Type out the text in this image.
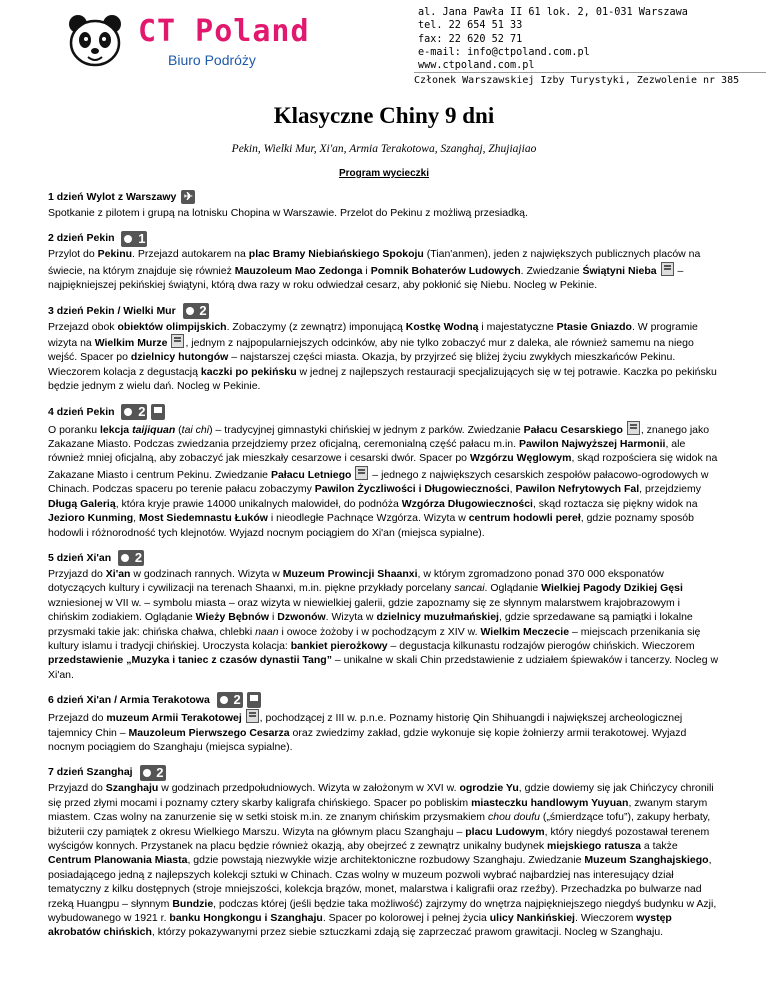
CT Poland
Biuro Podróży
al. Jana Pawła II 61 lok. 2, 01-031 Warszawa
tel. 22 654 51 33
fax: 22 620 52 71
e-mail: info@ctpoland.com.pl
www.ctpoland.com.pl
Członek Warszawskiej Izby Turystyki, Zezwolenie nr 385
Klasyczne Chiny 9 dni
Pekin, Wielki Mur, Xi'an, Armia Terakotowa, Szanghaj, Zhujiajiao
Program wycieczki
1 dzień Wylot z Warszawy ✈
Spotkanie z pilotem i grupą na lotnisku Chopina w Warszawie. Przelot do Pekinu z możliwą przesiadką.
2 dzień Pekin 1
Przylot do Pekinu. Przejazd autokarem na plac Bramy Niebiańskiego Spokoju (Tian'anmen), jeden z największych publicznych placów na świecie, na którym znajduje się również Mauzoleum Mao Zedonga i Pomnik Bohaterów Ludowych. Zwiedzanie Świątyni Nieba  – najpiękniejszej pekińskiej świątyni, którą dwa razy w roku odwiedzał cesarz, aby pokłonić się Niebu. Nocleg w Pekinie.
3 dzień Pekin / Wielki Mur 2
Przejazd obok obiektów olimpijskich. Zobaczymy (z zewnątrz) imponującą Kostkę Wodną i majestatyczne Ptasie Gniazdo. W programie wizyta na Wielkim Murze , jednym z najpopularniejszych odcinków, aby nie tylko zobaczyć mur z daleka, ale również samemu na niego wejść. Spacer po dzielnicy hutongów – najstarszej części miasta. Okazja, by przyjrzeć się bliżej życiu zwykłych mieszkańców Pekinu. Wieczorem kolacja z degustacją kaczki po pekińsku w jednej z najlepszych restauracji specjalizujących się w tej potrawie. Kaczka po pekińsku będzie jednym z wielu dań. Nocleg w Pekinie.
4 dzień Pekin 2
O poranku lekcja taijiquan (tai chi) – tradycyjnej gimnastyki chińskiej w jednym z parków. Zwiedzanie Pałacu Cesarskiego , znanego jako Zakazane Miasto. Podczas zwiedzania przejdziemy przez oficjalną, ceremonialną część pałacu m.in. Pawilon Najwyższej Harmonii, ale również mniej oficjalną, aby zobaczyć jak mieszkały cesarzowe i cesarski dwór. Spacer po Wzgórzu Węglowym, skąd rozpościera się widok na Zakazane Miasto i centrum Pekinu. Zwiedzanie Pałacu Letniego  – jednego z największych cesarskich zespołów pałacowo-ogrodowych w Chinach. Podczas spaceru po terenie pałacu zobaczymy Pawilon Życzliwości i Długowieczności, Pawilon Nefrytowych Fal, przejdziemy Długą Galerią, która kryje prawie 14000 unikalnych malowideł, do podnóża Wzgórza Długowieczności, skąd roztacza się piękny widok na Jezioro Kunming, Most Siedemnastu Łuków i nieodległe Pachnące Wzgórza. Wizyta w centrum hodowli pereł, gdzie poznamy sposób hodowli i różnorodność tych klejnotów. Wyjazd nocnym pociągiem do Xi'an (miejsca sypialne).
5 dzień Xi'an 2
Przyjazd do Xi'an w godzinach rannych. Wizyta w Muzeum Prowincji Shaanxi, w którym zgromadzono ponad 370 000 eksponatów dotyczących kultury i cywilizacji na terenach Shaanxi, m.in. piękne przykłady porcelany sancai. Oglądanie Wielkiej Pagody Dzikiej Gęsi wzniesionej w VII w. – symbolu miasta – oraz wizyta w niewielkiej galerii, gdzie zapoznamy się ze słynnym malarstwem krajobrazowym i chińskim zodiakiem. Oglądanie Wieży Bębnów i Dzwonów. Wizyta w dzielnicy muzułmańskiej, gdzie sprzedawane są pamiątki i lokalne przysmaki takie jak: chińska chałwa, chlebki naan i owoce żożoby i w pochodzącym z XIV w. Wielkim Meczecie – miejscach przenikania się kultury islamu i tradycji chińskiej. Uroczysta kolacja: bankiet pierożkowy – degustacja kilkunastu rodzajów pierogów chińskich. Wieczorem przedstawienie „Muzyka i taniec z czasów dynastii Tang” – unikalne w skali Chin przedstawienie z udziałem śpiewaków i tancerzy. Nocleg w Xi'an.
6 dzień Xi'an / Armia Terakotowa 2
Przejazd do muzeum Armii Terakotowej , pochodzącej z III w. p.n.e. Poznamy historię Qin Shihuangdi i największej archeologicznej tajemnicy Chin – Mauzoleum Pierwszego Cesarza oraz zwiedzimy zakład, gdzie wykonuje się kopie żołnierzy armii terakotowej. Wyjazd nocnym pociągiem do Szanghaju (miejsca sypialne).
7 dzień Szanghaj 2
Przyjazd do Szanghaju w godzinach przedpołudniowych. Wizyta w założonym w XVI w. ogrodzie Yu, gdzie dowiemy się jak Chińczycy chronili się przed złymi mocami i poznamy cztery skarby kaligrafa chińskiego. Spacer po pobliskim miasteczku handlowym Yuyuan, zwanym starym miastem. Czas wolny na zanurzenie się w setki stoisk m.in. ze znanym chińskim przysmakiem chou doufu („śmierdzące tofu”), zakupy herbaty, biżuterii czy pamiątek z okresu Wielkiego Marszu. Wizyta na głównym placu Szanghaju – placu Ludowym, który niegdyś pozostawał terenem wyścigów konnych. Przystanek na placu będzie również okazją, aby obejrzeć z zewnątrz unikalny budynek miejskiego ratusza a także Centrum Planowania Miasta, gdzie powstają niezwykłe wizje architektoniczne rozbudowy Szanghaju. Zwiedzanie Muzeum Szanghajskiego, posiadającego jedną z najlepszych kolekcji sztuki w Chinach. Czas wolny w muzeum pozwoli wybrać najbardziej nas interesujący dział tematyczny z kilku dostępnych (stroje mniejszości, kolekcja brązów, monet, malarstwa i kaligrafii oraz rzeźby). Przechadzka po bulwarze nad rzeką Huangpu – słynnym Bundzie, podczas której (jeśli będzie taka możliwość) zajrzymy do wnętrza najpiękniejszego niegdyś budynku w Azji, wybudowanego w 1921 r. banku Hongkongu i Szanghaju. Spacer po kolorowej i pełnej życia ulicy Nankińskiej. Wieczorem występ akrobatów chińskich, którzy pokazywanymi przez siebie sztuczkami zdają się zaprzeczać prawom grawitacji. Nocleg w Szanghaju.
